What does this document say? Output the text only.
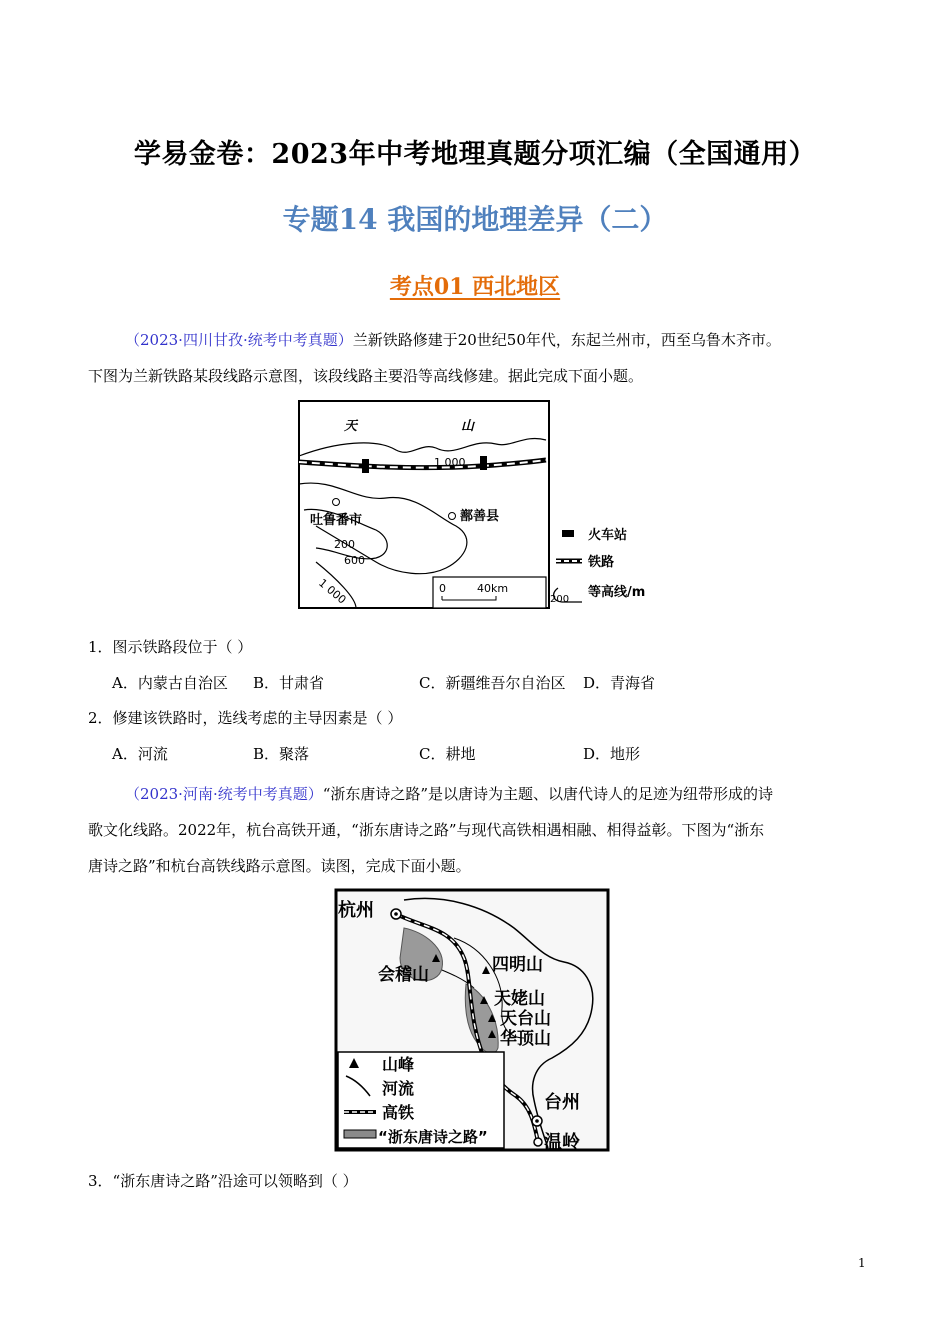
学易金卷：2023年中考地理真题分项汇编（全国通用）
专题14 我国的地理差异（二）
考点01 西北地区
（2023·四川甘孜·统考中考真题）兰新铁路修建于20世纪50年代，东起兰州市，西至乌鲁木齐市。
下图为兰新铁路某段线路示意图，该段线路主要沿等高线修建。据此完成下面小题。
天	山
1 000
吐鲁番市	鄯善县
200
600
1 000	0	40km
火车站
铁路
200 等高线/m
1．图示铁路段位于（ ）
A．内蒙古自治区 B．甘肃省	C．新疆维吾尔自治区 D．青海省
2．修建该铁路时，选线考虑的主导因素是（ ）
A．河流	B．聚落	C．耕地	D．地形
（2023·河南·统考中考真题）“浙东唐诗之路”是以唐诗为主题、以唐代诗人的足迹为纽带形成的诗
歌文化线路。2022年，杭台高铁开通，“浙东唐诗之路”与现代高铁相遇相融、相得益彰。下图为“浙东
唐诗之路”和杭台高铁线路示意图。读图，完成下面小题。
杭州
会稽山	四明山
天姥山
天台山
华顶山
台州
温岭
山峰
河流
高铁
“浙东唐诗之路”
3．“浙东唐诗之路”沿途可以领略到（ ）
1
